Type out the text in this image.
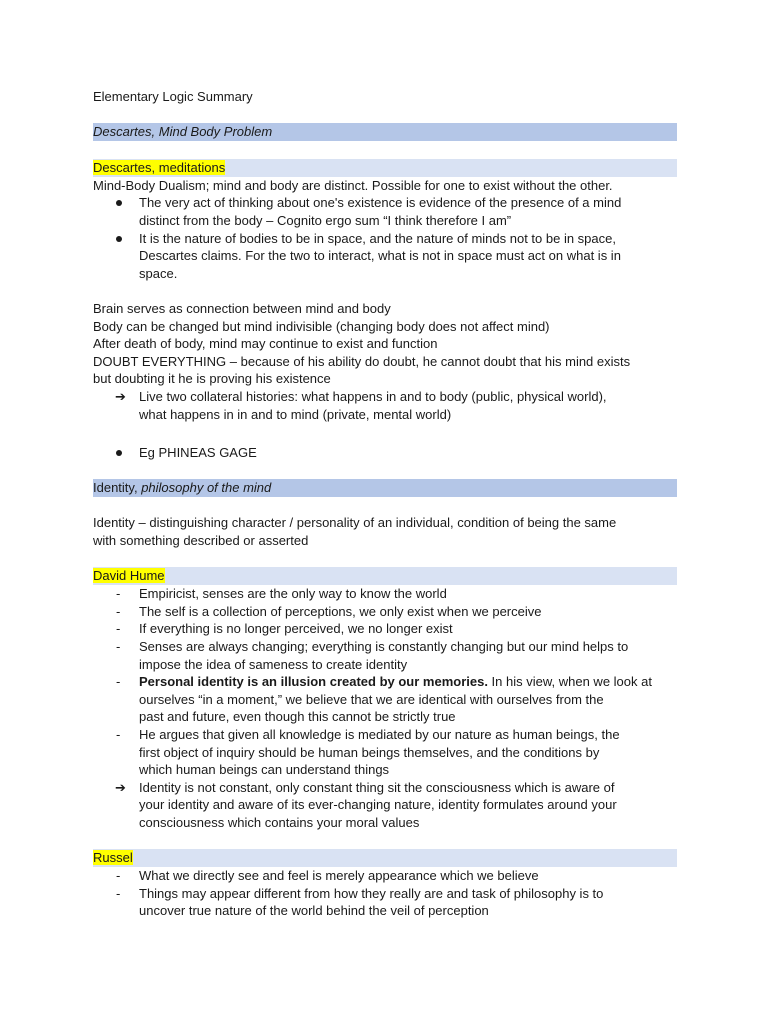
Elementary Logic Summary

Descartes, Mind Body Problem
Descartes, meditations

Mind-Body Dualism; mind and body are distinct. Possible for one to exist without the other.

The very act of thinking about one's existence is evidence of the presence of a mind
distinct from the body – Cognito ergo sum “I think therefore I am”
It is the nature of bodies to be in space, and the nature of minds not to be in space,
Descartes claims. For the two to interact, what is not in space must act on what is in
space.

Brain serves as connection between mind and body

Body can be changed but mind indivisible (changing body does not affect mind)

After death of body, mind may continue to exist and function

DOUBT EVERYTHING – because of his ability do doubt, he cannot doubt that his mind exists

but doubting it he is proving his existence

➔ Live two collateral histories: what happens in and to body (public, physical world),
what happens in in and to mind (private, mental world)
Eg PHINEAS GAGE
Identity, philosophy of the mind

Identity – distinguishing character / personality of an individual, condition of being the same
with something described or asserted

David Hume
- Empiricist, senses are the only way to know the world
- The self is a collection of perceptions, we only exist when we perceive
- If everything is no longer perceived, we no longer exist
- Senses are always changing; everything is constantly changing but our mind helps to
impose the idea of sameness to create identity
- Personal identity is an illusion created by our memories. In his view, when we look at
ourselves “in a moment,” we believe that we are identical with ourselves from the
past and future, even though this cannot be strictly true
- He argues that given all knowledge is mediated by our nature as human beings, the
first object of inquiry should be human beings themselves, and the conditions by
which human beings can understand things
➔ Identity is not constant, only constant thing sit the consciousness which is aware of
your identity and aware of its ever-changing nature, identity formulates around your
consciousness which contains your moral values
Russel
- What we directly see and feel is merely appearance which we believe
- Things may appear different from how they really are and task of philosophy is to
uncover true nature of the world behind the veil of perception
